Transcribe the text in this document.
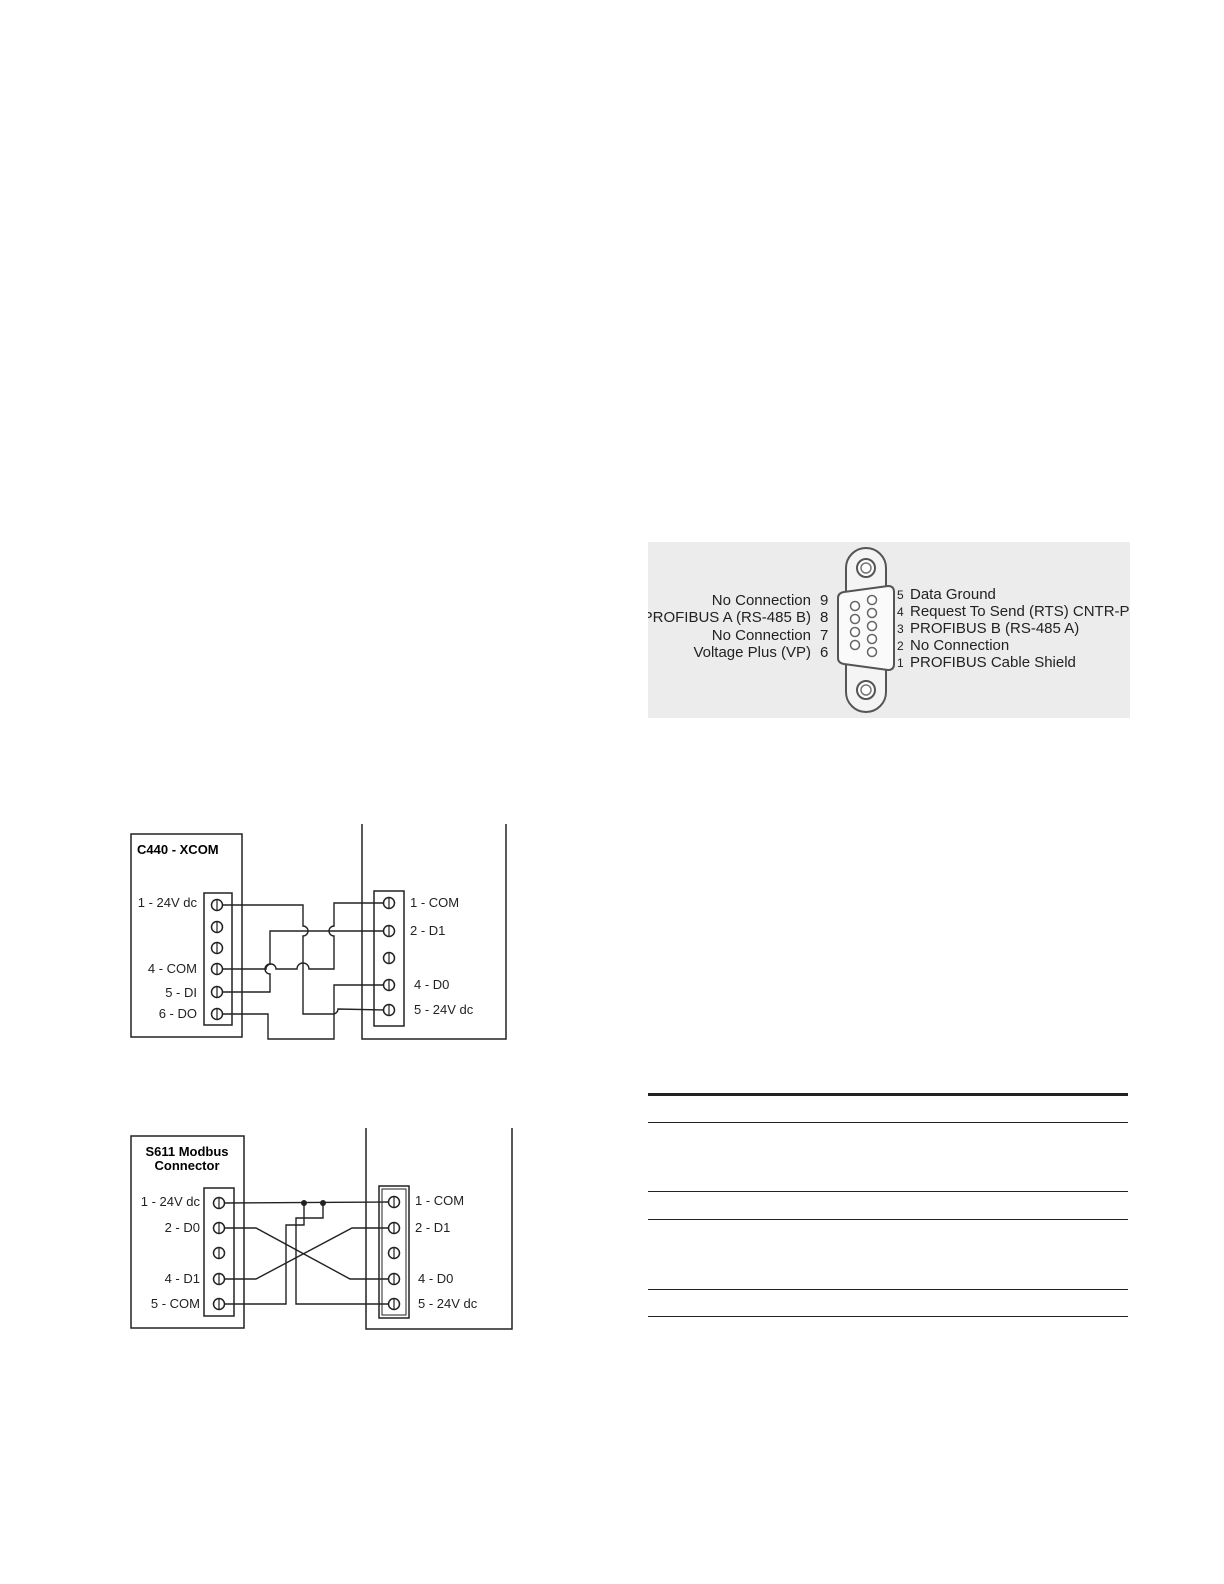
No Connection 9
PROFIBUS A (RS-485 B) 8
No Connection 7
Voltage Plus (VP) 6
5 Data Ground
4 Request To Send (RTS) CNTR-P
3 PROFIBUS B (RS-485 A)
2 No Connection
1 PROFIBUS Cable Shield
C440 - XCOM
1 - 24V dc
4 - COM
5 - DI
6 - DO
1 - COM
2 - D1
4 - D0
5 - 24V dc
S611 Modbus
Connector
1 - 24V dc
2 - D0
4 - D1
5 - COM
1 - COM
2 - D1
4 - D0
5 - 24V dc
